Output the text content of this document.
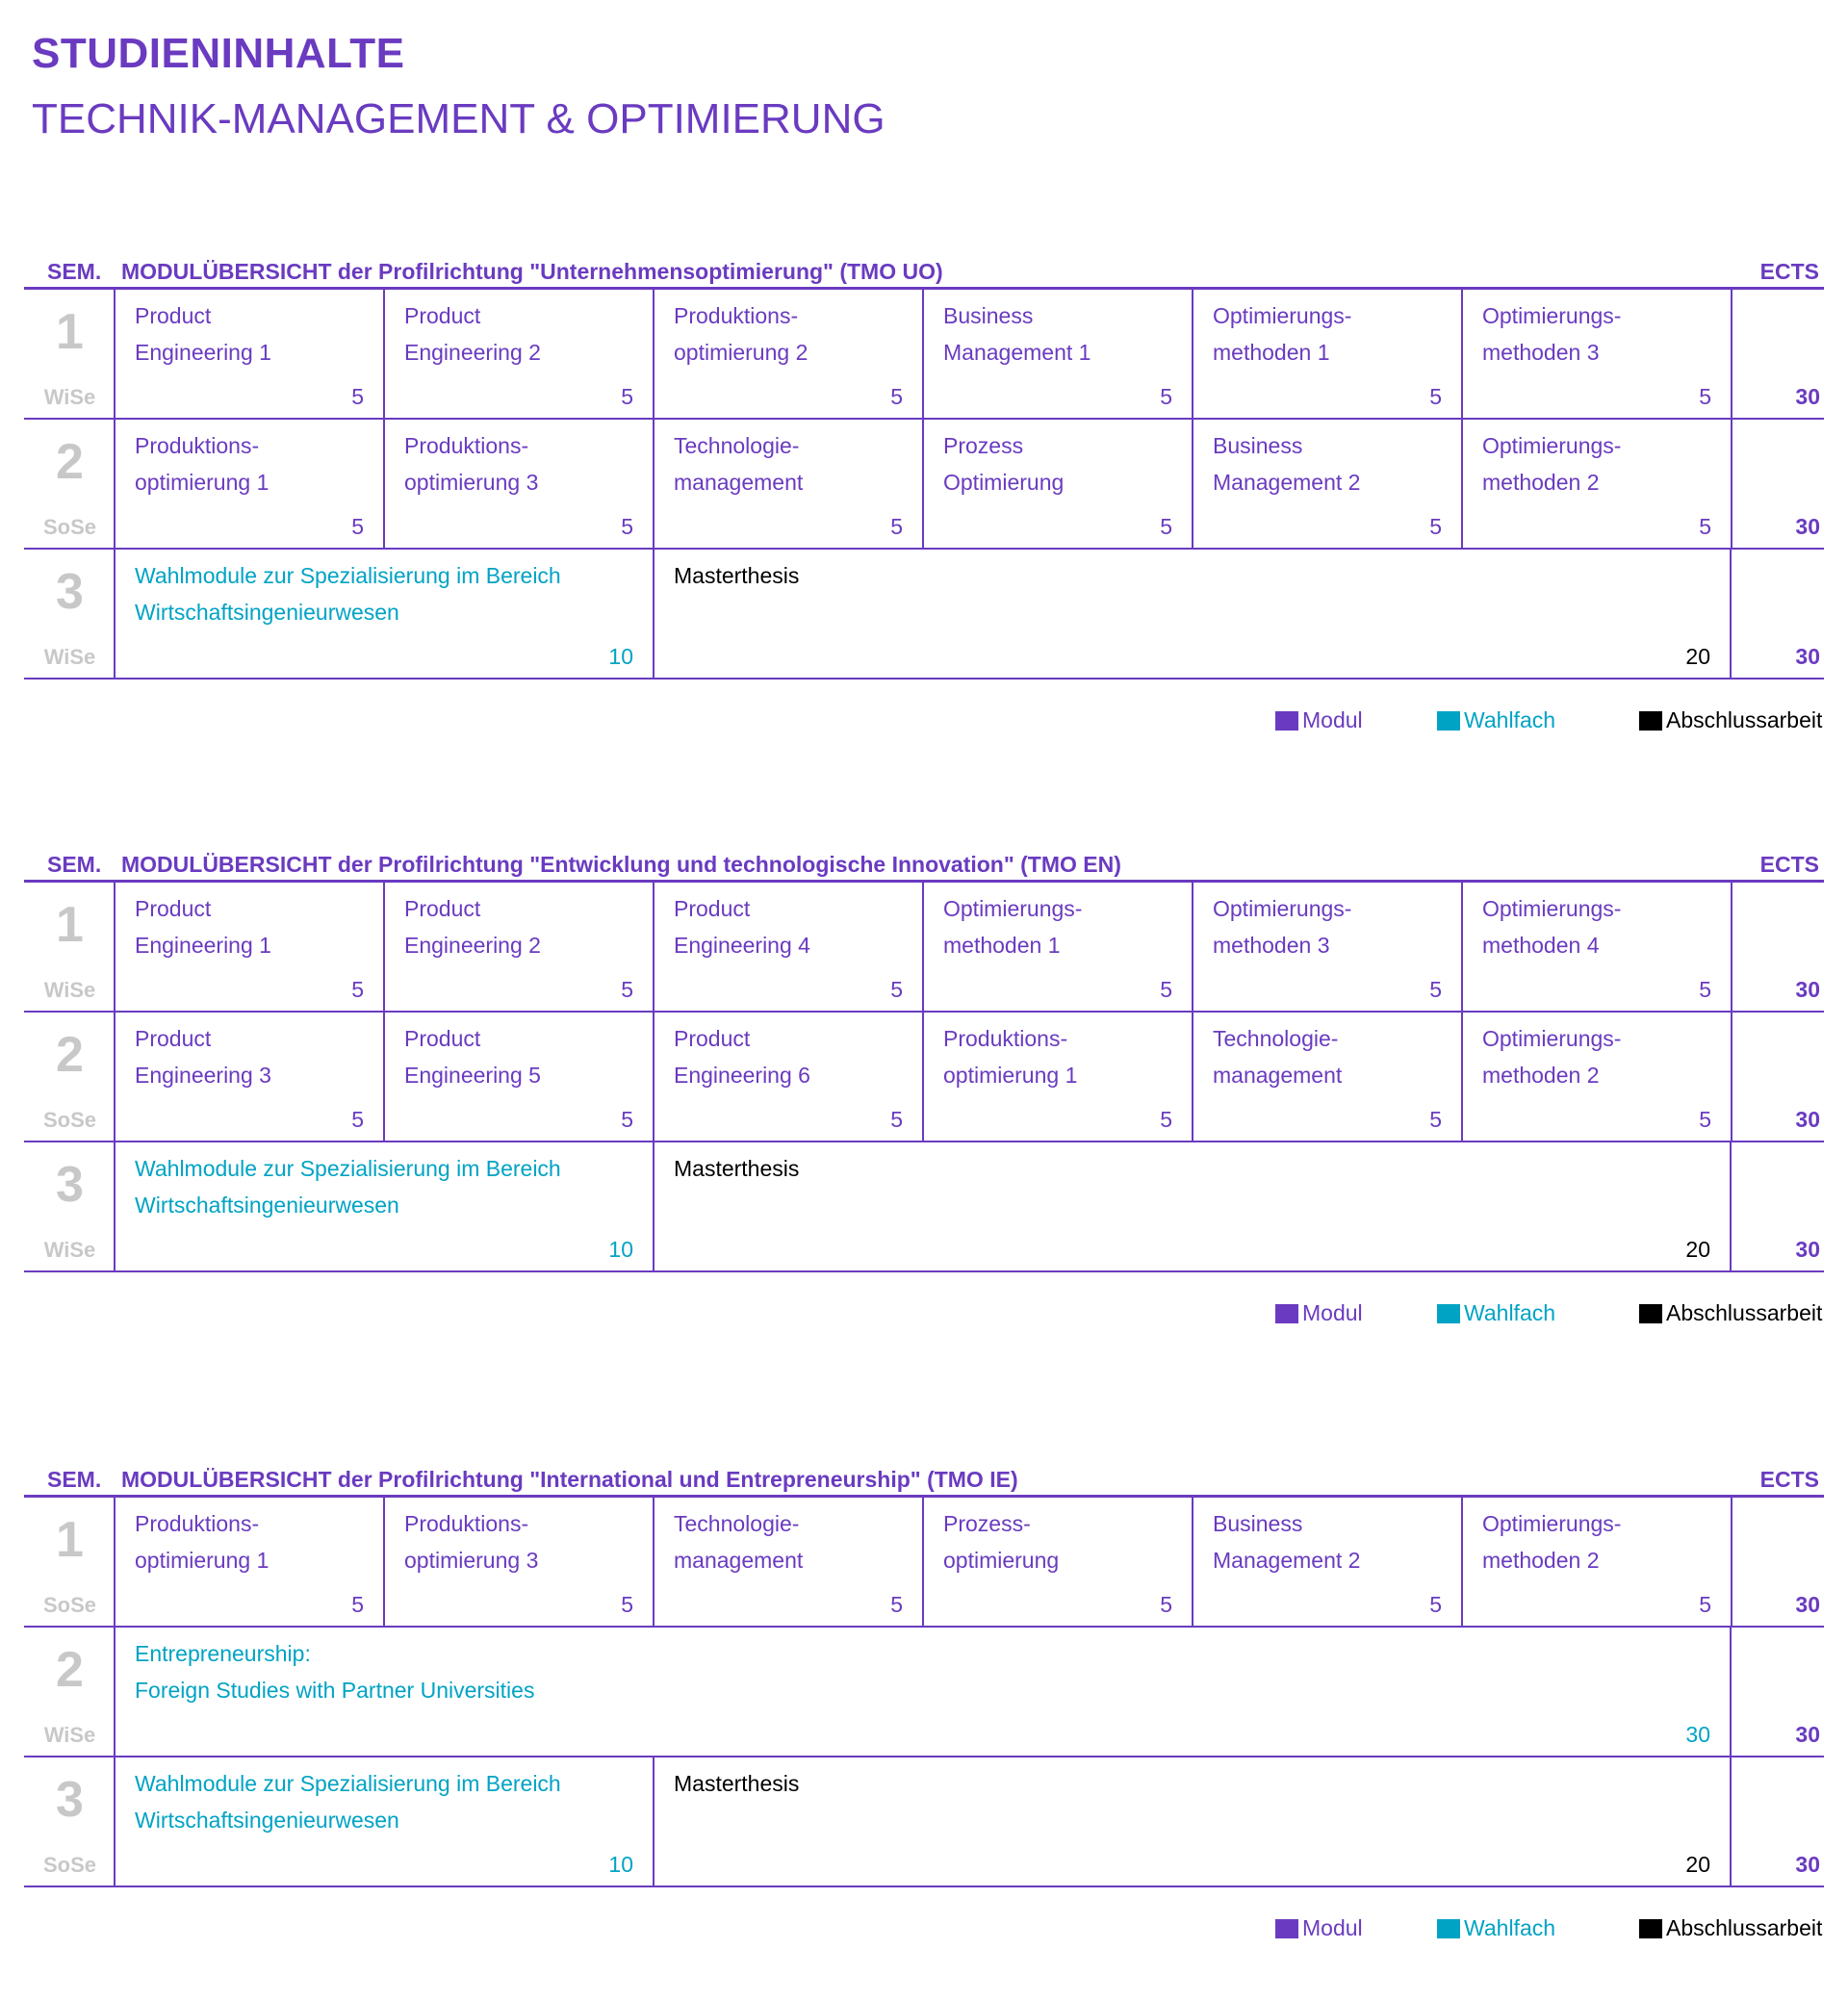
STUDIENINHALTE
TECHNIK-MANAGEMENT & OPTIMIERUNG
SEM. MODULÜBERSICHT der Profilrichtung "Unternehmensoptimierung" (TMO UO)	ECTS
1
WiSe
Product
Engineering 1
5
Product
Engineering 2
5
Produktions-
optimierung 2
5
Business
Management 1
5
Optimierungs-
methoden 1
5
Optimierungs-
methoden 3
5	30
2
SoSe
Produktions-
optimierung 1
5
Produktions-
optimierung 3
5
Technologie-
management
5
Prozess
Optimierung
5
Business
Management 2
5
Optimierungs-
methoden 2
5	30
3
WiSe
Wahlmodule zur Spezialisierung im Bereich
Wirtschaftsingenieurwesen
10
Masterthesis
20	30
Modul	Wahlfach	Abschlussarbeit
SEM. MODULÜBERSICHT der Profilrichtung "Entwicklung und technologische Innovation" (TMO EN)	ECTS
1
WiSe
Product
Engineering 1
5
Product
Engineering 2
5
Product
Engineering 4
5
Optimierungs-
methoden 1
5
Optimierungs-
methoden 3
5
Optimierungs-
methoden 4
5	30
2
SoSe
Product
Engineering 3
5
Product
Engineering 5
5
Product
Engineering 6
5
Produktions-
optimierung 1
5
Technologie-
management
5
Optimierungs-
methoden 2
5	30
3
WiSe
Wahlmodule zur Spezialisierung im Bereich
Wirtschaftsingenieurwesen
10
Masterthesis
20	30
Modul	Wahlfach	Abschlussarbeit
SEM. MODULÜBERSICHT der Profilrichtung "International und Entrepreneurship" (TMO IE)	ECTS
1
SoSe
Produktions-
optimierung 1
5
Produktions-
optimierung 3
5
Technologie-
management
5
Prozess-
optimierung
5
Business
Management 2
5
Optimierungs-
methoden 2
5	30
2
WiSe
Entrepreneurship:
Foreign Studies with Partner Universities
30	30
3
SoSe
Wahlmodule zur Spezialisierung im Bereich
Wirtschaftsingenieurwesen
10
Masterthesis
20	30
Modul	Wahlfach	Abschlussarbeit
